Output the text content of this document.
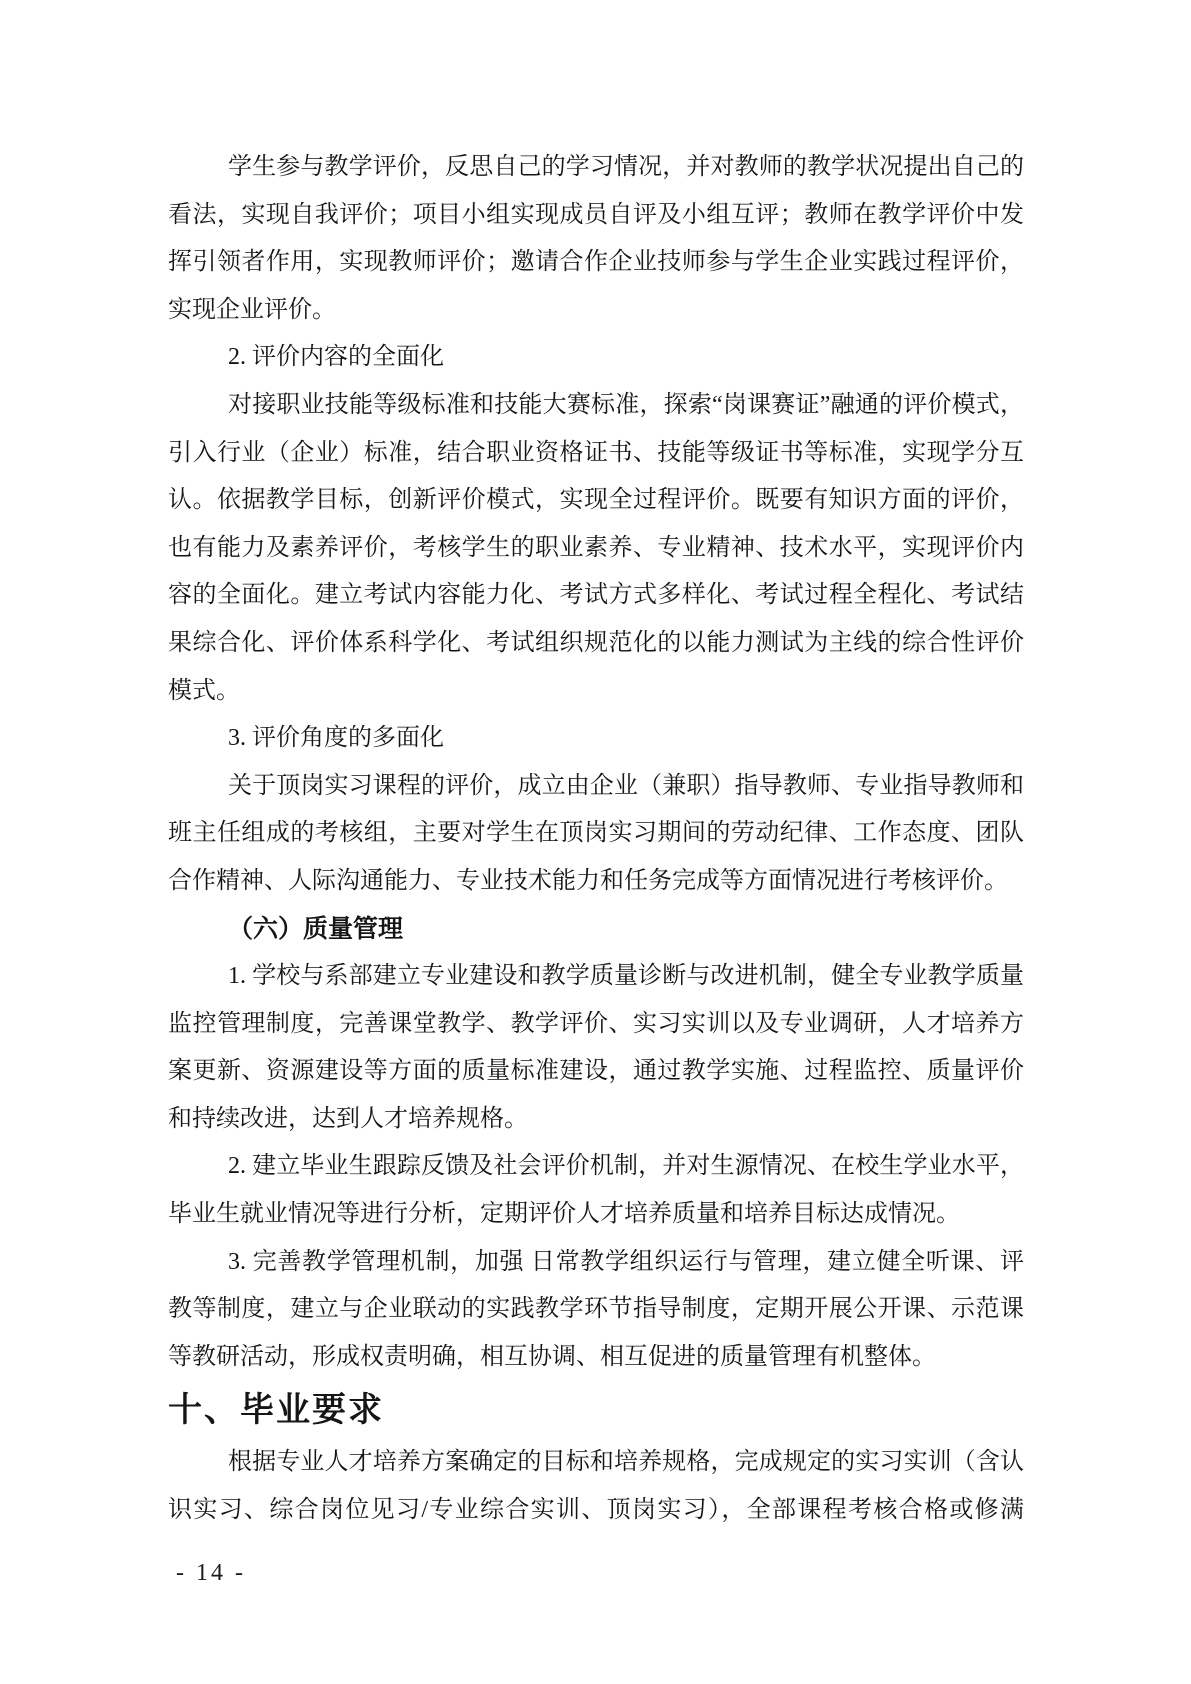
学生参与教学评价，反思自己的学习情况，并对教师的教学状况提出自己的
看法，实现自我评价；项目小组实现成员自评及小组互评；教师在教学评价中发
挥引领者作用，实现教师评价；邀请合作企业技师参与学生企业实践过程评价，
实现企业评价。
2. 评价内容的全面化
对接职业技能等级标准和技能大赛标准，探索“岗课赛证”融通的评价模式，
引入行业（企业）标准，结合职业资格证书、技能等级证书等标准，实现学分互
认。依据教学目标，创新评价模式，实现全过程评价。既要有知识方面的评价，
也有能力及素养评价，考核学生的职业素养、专业精神、技术水平，实现评价内
容的全面化。建立考试内容能力化、考试方式多样化、考试过程全程化、考试结
果综合化、评价体系科学化、考试组织规范化的以能力测试为主线的综合性评价
模式。
3. 评价角度的多面化
关于顶岗实习课程的评价，成立由企业（兼职）指导教师、专业指导教师和
班主任组成的考核组，主要对学生在顶岗实习期间的劳动纪律、工作态度、团队
合作精神、人际沟通能力、专业技术能力和任务完成等方面情况进行考核评价。
（六）质量管理
1. 学校与系部建立专业建设和教学质量诊断与改进机制，健全专业教学质量
监控管理制度，完善课堂教学、教学评价、实习实训以及专业调研，人才培养方
案更新、资源建设等方面的质量标准建设，通过教学实施、过程监控、质量评价
和持续改进，达到人才培养规格。
2. 建立毕业生跟踪反馈及社会评价机制，并对生源情况、在校生学业水平，
毕业生就业情况等进行分析，定期评价人才培养质量和培养目标达成情况。
3. 完善教学管理机制，加强 日常教学组织运行与管理，建立健全听课、评
教等制度，建立与企业联动的实践教学环节指导制度，定期开展公开课、示范课
等教研活动，形成权责明确，相互协调、相互促进的质量管理有机整体。
十、毕业要求
根据专业人才培养方案确定的目标和培养规格，完成规定的实习实训（含认
识实习、综合岗位见习/专业综合实训、顶岗实习），全部课程考核合格或修满
- 14 -
